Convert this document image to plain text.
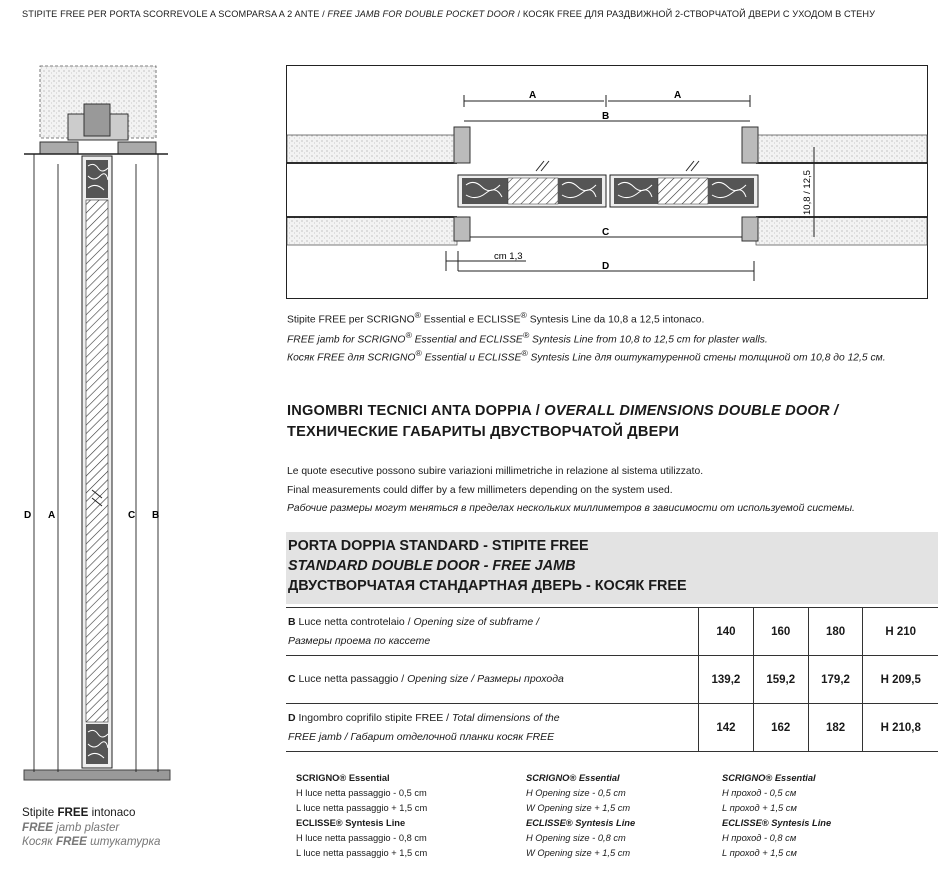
STIPITE FREE PER PORTA SCORREVOLE A SCOMPARSA A 2 ANTE / FREE JAMB FOR DOUBLE POCKET DOOR / КОСЯК FREE ДЛЯ РАЗДВИЖНОЙ 2-СТВОРЧАТОЙ ДВЕРИ С УХОДОМ В СТЕНУ
D A	C B
A	A
B
C
cm 1,3
D
10,8 / 12,5
Stipite FREE per SCRIGNO® Essential e ECLISSE® Syntesis Line da 10,8 a 12,5 intonaco.
FREE jamb for SCRIGNO® Essential and ECLISSE® Syntesis Line from 10,8 to 12,5 cm for plaster walls.
Косяк FREE для SCRIGNO® Essential и ECLISSE® Syntesis Line для оштукатуренной стены толщиной от 10,8 до 12,5 см.
INGOMBRI TECNICI ANTA DOPPIA / OVERALL DIMENSIONS DOUBLE DOOR /
ТЕХНИЧЕСКИЕ ГАБАРИТЫ ДВУСТВОРЧАТОЙ ДВЕРИ
Le quote esecutive possono subire variazioni millimetriche in relazione al sistema utilizzato.
Final measurements could differ by a few millimeters depending on the system used.
Рабочие размеры могут меняться в пределах нескольких миллиметров в зависимости от используемой системы.
PORTA DOPPIA STANDARD - STIPITE FREE
STANDARD DOUBLE DOOR - FREE JAMB
ДВУСТВОРЧАТАЯ СТАНДАРТНАЯ ДВЕРЬ - КОСЯК FREE
B Luce netta controtelaio / Opening size of subframe /
Размеры проема по кассете	140	160	180	H 210
C Luce netta passaggio / Opening size / Размеры прохода	139,2	159,2	179,2	H 209,5
D Ingombro coprifilo stipite FREE / Total dimensions of the
FREE jamb / Габарит отделочной планки косяк FREE	142	162	182	H 210,8
SCRIGNO® Essential
H luce netta passaggio - 0,5 cm
L luce netta passaggio + 1,5 cm
ECLISSE® Syntesis Line
H luce netta passaggio - 0,8 cm
L luce netta passaggio + 1,5 cm
SCRIGNO® Essential
H Opening size - 0,5 cm
W Opening size + 1,5 cm
ECLISSE® Syntesis Line
H Opening size - 0,8 cm
W Opening size + 1,5 cm
SCRIGNO® Essential
H проход - 0,5 см
L проход + 1,5 см
ECLISSE® Syntesis Line
H проход - 0,8 см
L проход + 1,5 см
Stipite FREE intonaco
FREE jamb plaster
Косяк FREE штукатурка
